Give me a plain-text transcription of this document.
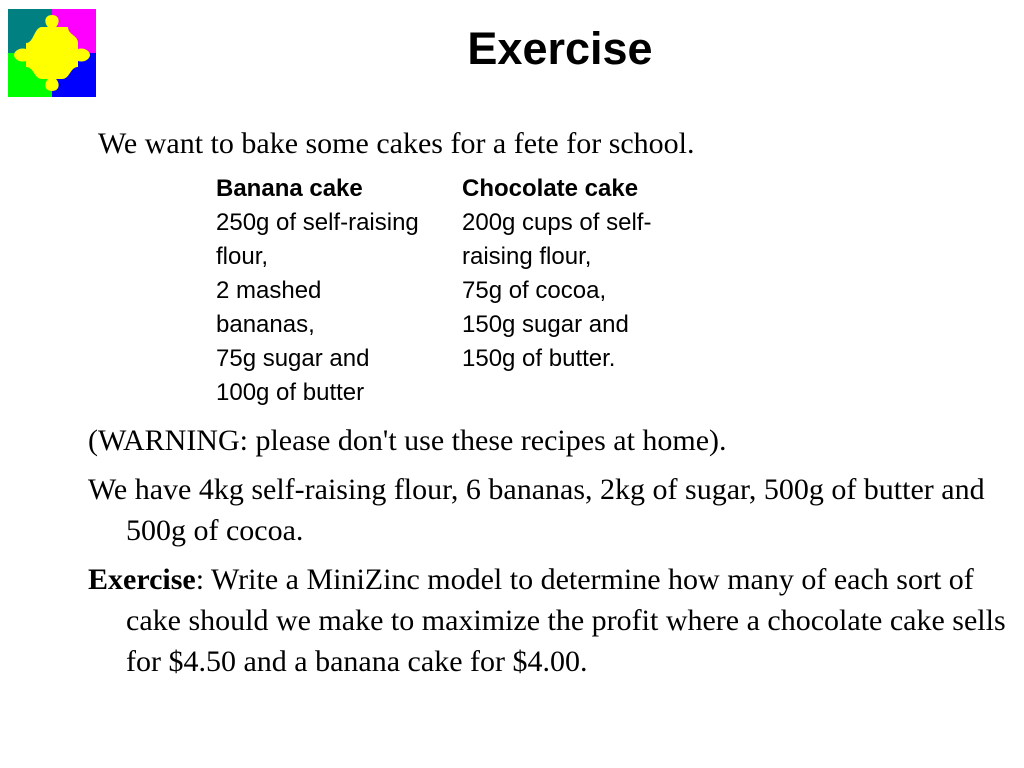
Exercise
We want to bake some cakes for a fete for school.
Banana cake
250g of self-raising
flour,
2 mashed
bananas,
75g sugar and
100g of butter
Chocolate cake
200g cups of self-
raising flour,
75g of cocoa,
150g sugar and
150g of butter.
(WARNING: please don't use these recipes at home).
We have 4kg self-raising flour, 6 bananas, 2kg of sugar, 500g of butter and 500g of cocoa.
Exercise: Write a MiniZinc model to determine how many of each sort of cake should we make to maximize the profit where a chocolate cake sells for $4.50 and a banana cake for $4.00.
